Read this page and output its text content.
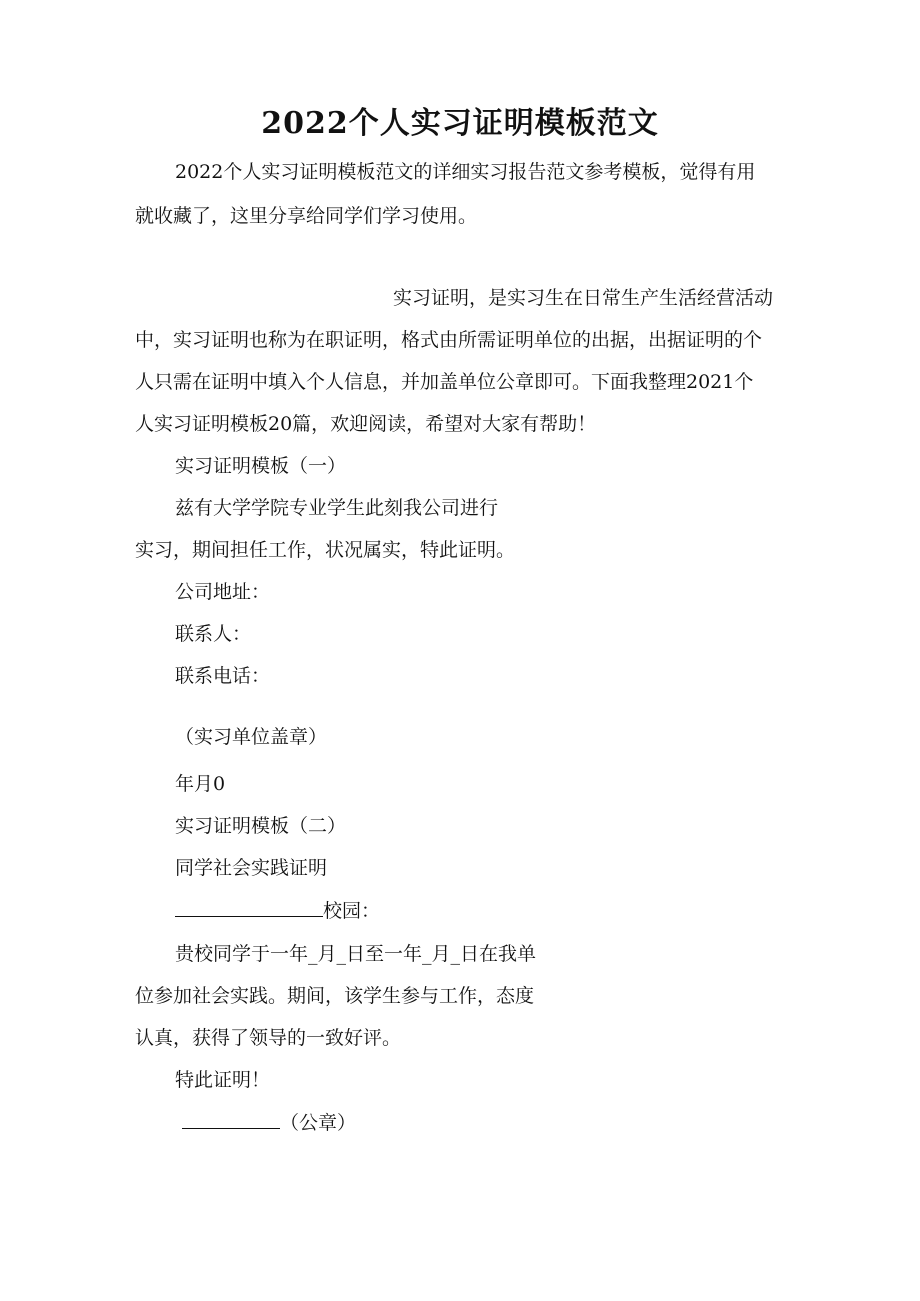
2022个人实习证明模板范文
2022个人实习证明模板范文的详细实习报告范文参考模板，觉得有用
就收藏了，这里分享给同学们学习使用。
实习证明，是实习生在日常生产生活经营活动
中，实习证明也称为在职证明，格式由所需证明单位的出据，出据证明的个
人只需在证明中填入个人信息，并加盖单位公章即可。下面我整理2021个
人实习证明模板20篇，欢迎阅读，希望对大家有帮助！
实习证明模板（一）
兹有大学学院专业学生此刻我公司进行
实习，期间担任工作，状况属实，特此证明。
公司地址：
联系人：
联系电话：
（实习单位盖章）
年月0
实习证明模板（二）
同学社会实践证明
校园：
贵校同学于一年_月_日至一年_月_日在我单
位参加社会实践。期间，该学生参与工作，态度
认真，获得了领导的一致好评。
特此证明！
（公章）
